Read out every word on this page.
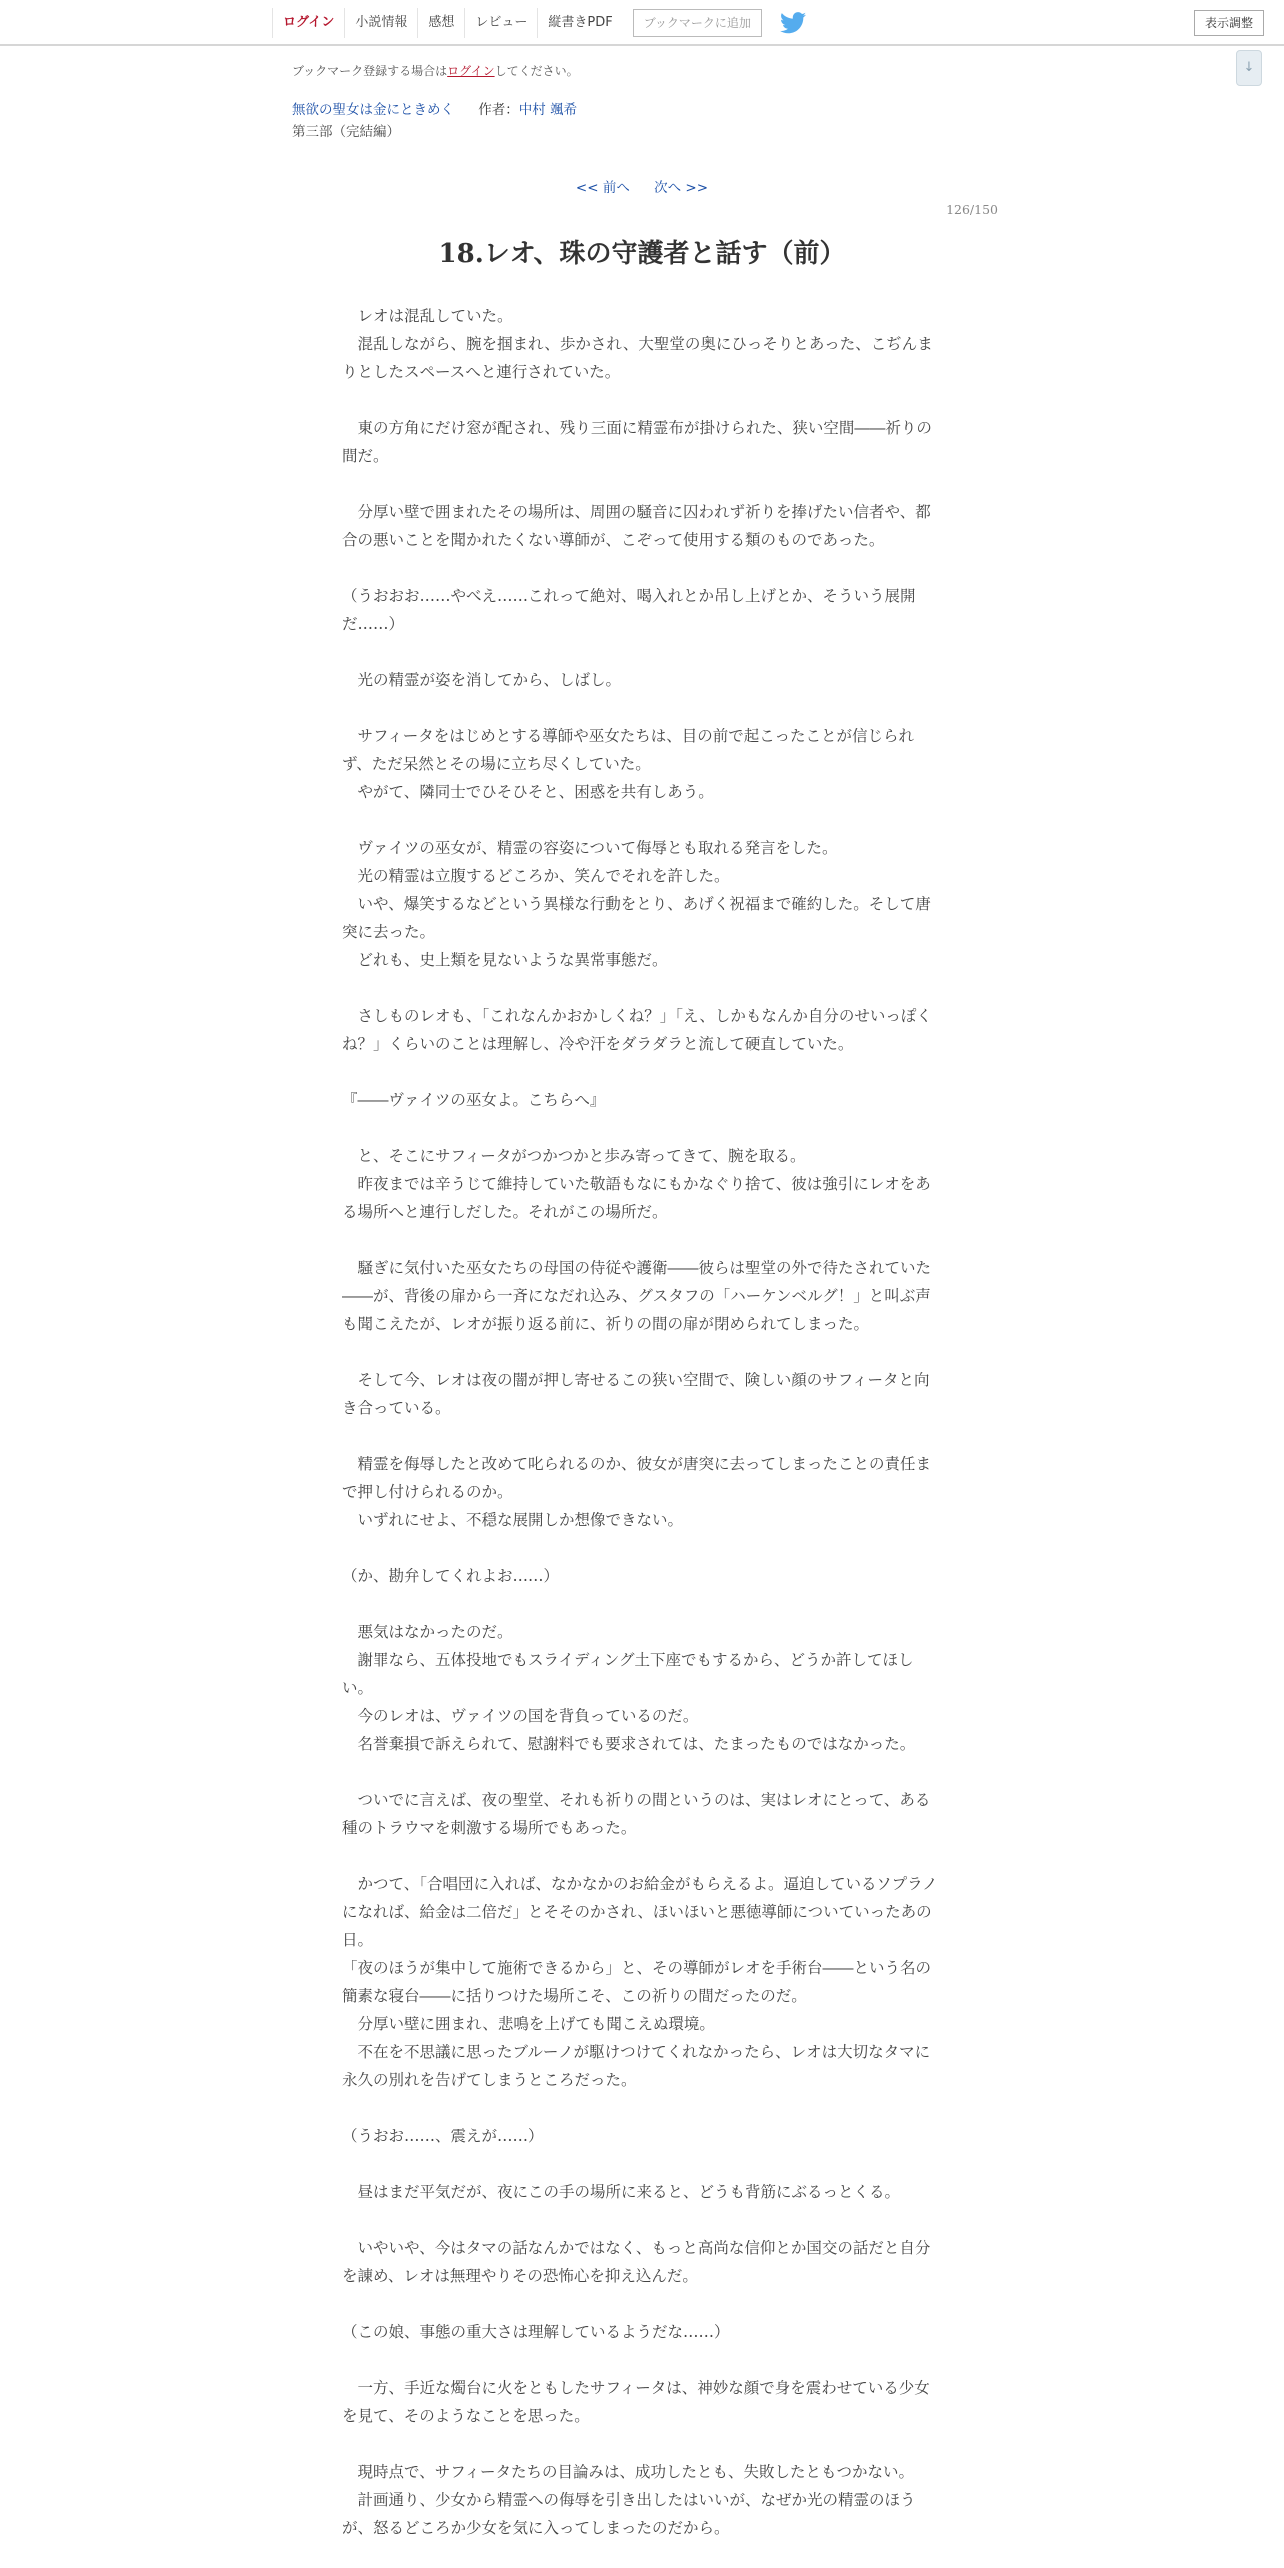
ログイン	小説情報	感想	レビュー	縦書きPDF	ブックマークに追加	表示調整
↓
ブックマーク登録する場合はログインしてください。
無欲の聖女は金にときめく 作者：中村 颯希
第三部（完結編）
<< 前へ 次へ >>
126/150
18.レオ、珠の守護者と話す（前）

　レオは混乱していた。

　混乱しながら、腕を掴まれ、歩かされ、大聖堂の奥にひっそりとあった、こぢんまりとしたスペースへと連行されていた。

　東の方角にだけ窓が配され、残り三面に精霊布が掛けられた、狭い空間――祈りの間だ。

　分厚い壁で囲まれたその場所は、周囲の騒音に囚われず祈りを捧げたい信者や、都合の悪いことを聞かれたくない導師が、こぞって使用する類のものであった。

（うおおお……やべえ……これって絶対、喝入れとか吊し上げとか、そういう展開だ……）

　光の精霊が姿を消してから、しばし。

　サフィータをはじめとする導師や巫女たちは、目の前で起こったことが信じられず、ただ呆然とその場に立ち尽くしていた。

　やがて、隣同士でひそひそと、困惑を共有しあう。

　ヴァイツの巫女が、精霊の容姿について侮辱とも取れる発言をした。

　光の精霊は立腹するどころか、笑んでそれを許した。

　いや、爆笑するなどという異様な行動をとり、あげく祝福まで確約した。そして唐突に去った。

　どれも、史上類を見ないような異常事態だ。

　さしものレオも、「これなんかおかしくね？」「え、しかもなんか自分のせいっぽくね？」くらいのことは理解し、冷や汗をダラダラと流して硬直していた。

『――ヴァイツの巫女よ。こちらへ』

　と、そこにサフィータがつかつかと歩み寄ってきて、腕を取る。

　昨夜までは辛うじて維持していた敬語もなにもかなぐり捨て、彼は強引にレオをある場所へと連行しだした。それがこの場所だ。

　騒ぎに気付いた巫女たちの母国の侍従や護衛――彼らは聖堂の外で待たされていた――が、背後の扉から一斉になだれ込み、グスタフの「ハーケンベルグ！」と叫ぶ声も聞こえたが、レオが振り返る前に、祈りの間の扉が閉められてしまった。

　そして今、レオは夜の闇が押し寄せるこの狭い空間で、険しい顔のサフィータと向き合っている。

　精霊を侮辱したと改めて叱られるのか、彼女が唐突に去ってしまったことの責任まで押し付けられるのか。

　いずれにせよ、不穏な展開しか想像できない。

（か、勘弁してくれよお……）

　悪気はなかったのだ。

　謝罪なら、五体投地でもスライディング土下座でもするから、どうか許してほしい。

　今のレオは、ヴァイツの国を背負っているのだ。

　名誉棄損で訴えられて、慰謝料でも要求されては、たまったものではなかった。

　ついでに言えば、夜の聖堂、それも祈りの間というのは、実はレオにとって、ある種のトラウマを刺激する場所でもあった。

　かつて、「合唱団に入れば、なかなかのお給金がもらえるよ。逼迫しているソプラノになれば、給金は二倍だ」とそそのかされ、ほいほいと悪徳導師についていったあの日。

「夜のほうが集中して施術できるから」と、その導師がレオを手術台――という名の簡素な寝台――に括りつけた場所こそ、この祈りの間だったのだ。

　分厚い壁に囲まれ、悲鳴を上げても聞こえぬ環境。

　不在を不思議に思ったブルーノが駆けつけてくれなかったら、レオは大切なタマに永久の別れを告げてしまうところだった。

（うおお……、震えが……）

　昼はまだ平気だが、夜にこの手の場所に来ると、どうも背筋にぶるっとくる。

　いやいや、今はタマの話なんかではなく、もっと高尚な信仰とか国交の話だと自分を諌め、レオは無理やりその恐怖心を抑え込んだ。

（この娘、事態の重大さは理解しているようだな……）

　一方、手近な燭台に火をともしたサフィータは、神妙な顔で身を震わせている少女を見て、そのようなことを思った。

　現時点で、サフィータたちの目論みは、成功したとも、失敗したともつかない。

　計画通り、少女から精霊への侮辱を引き出したはいいが、なぜか光の精霊のほうが、怒るどころか少女を気に入ってしまったのだから。
